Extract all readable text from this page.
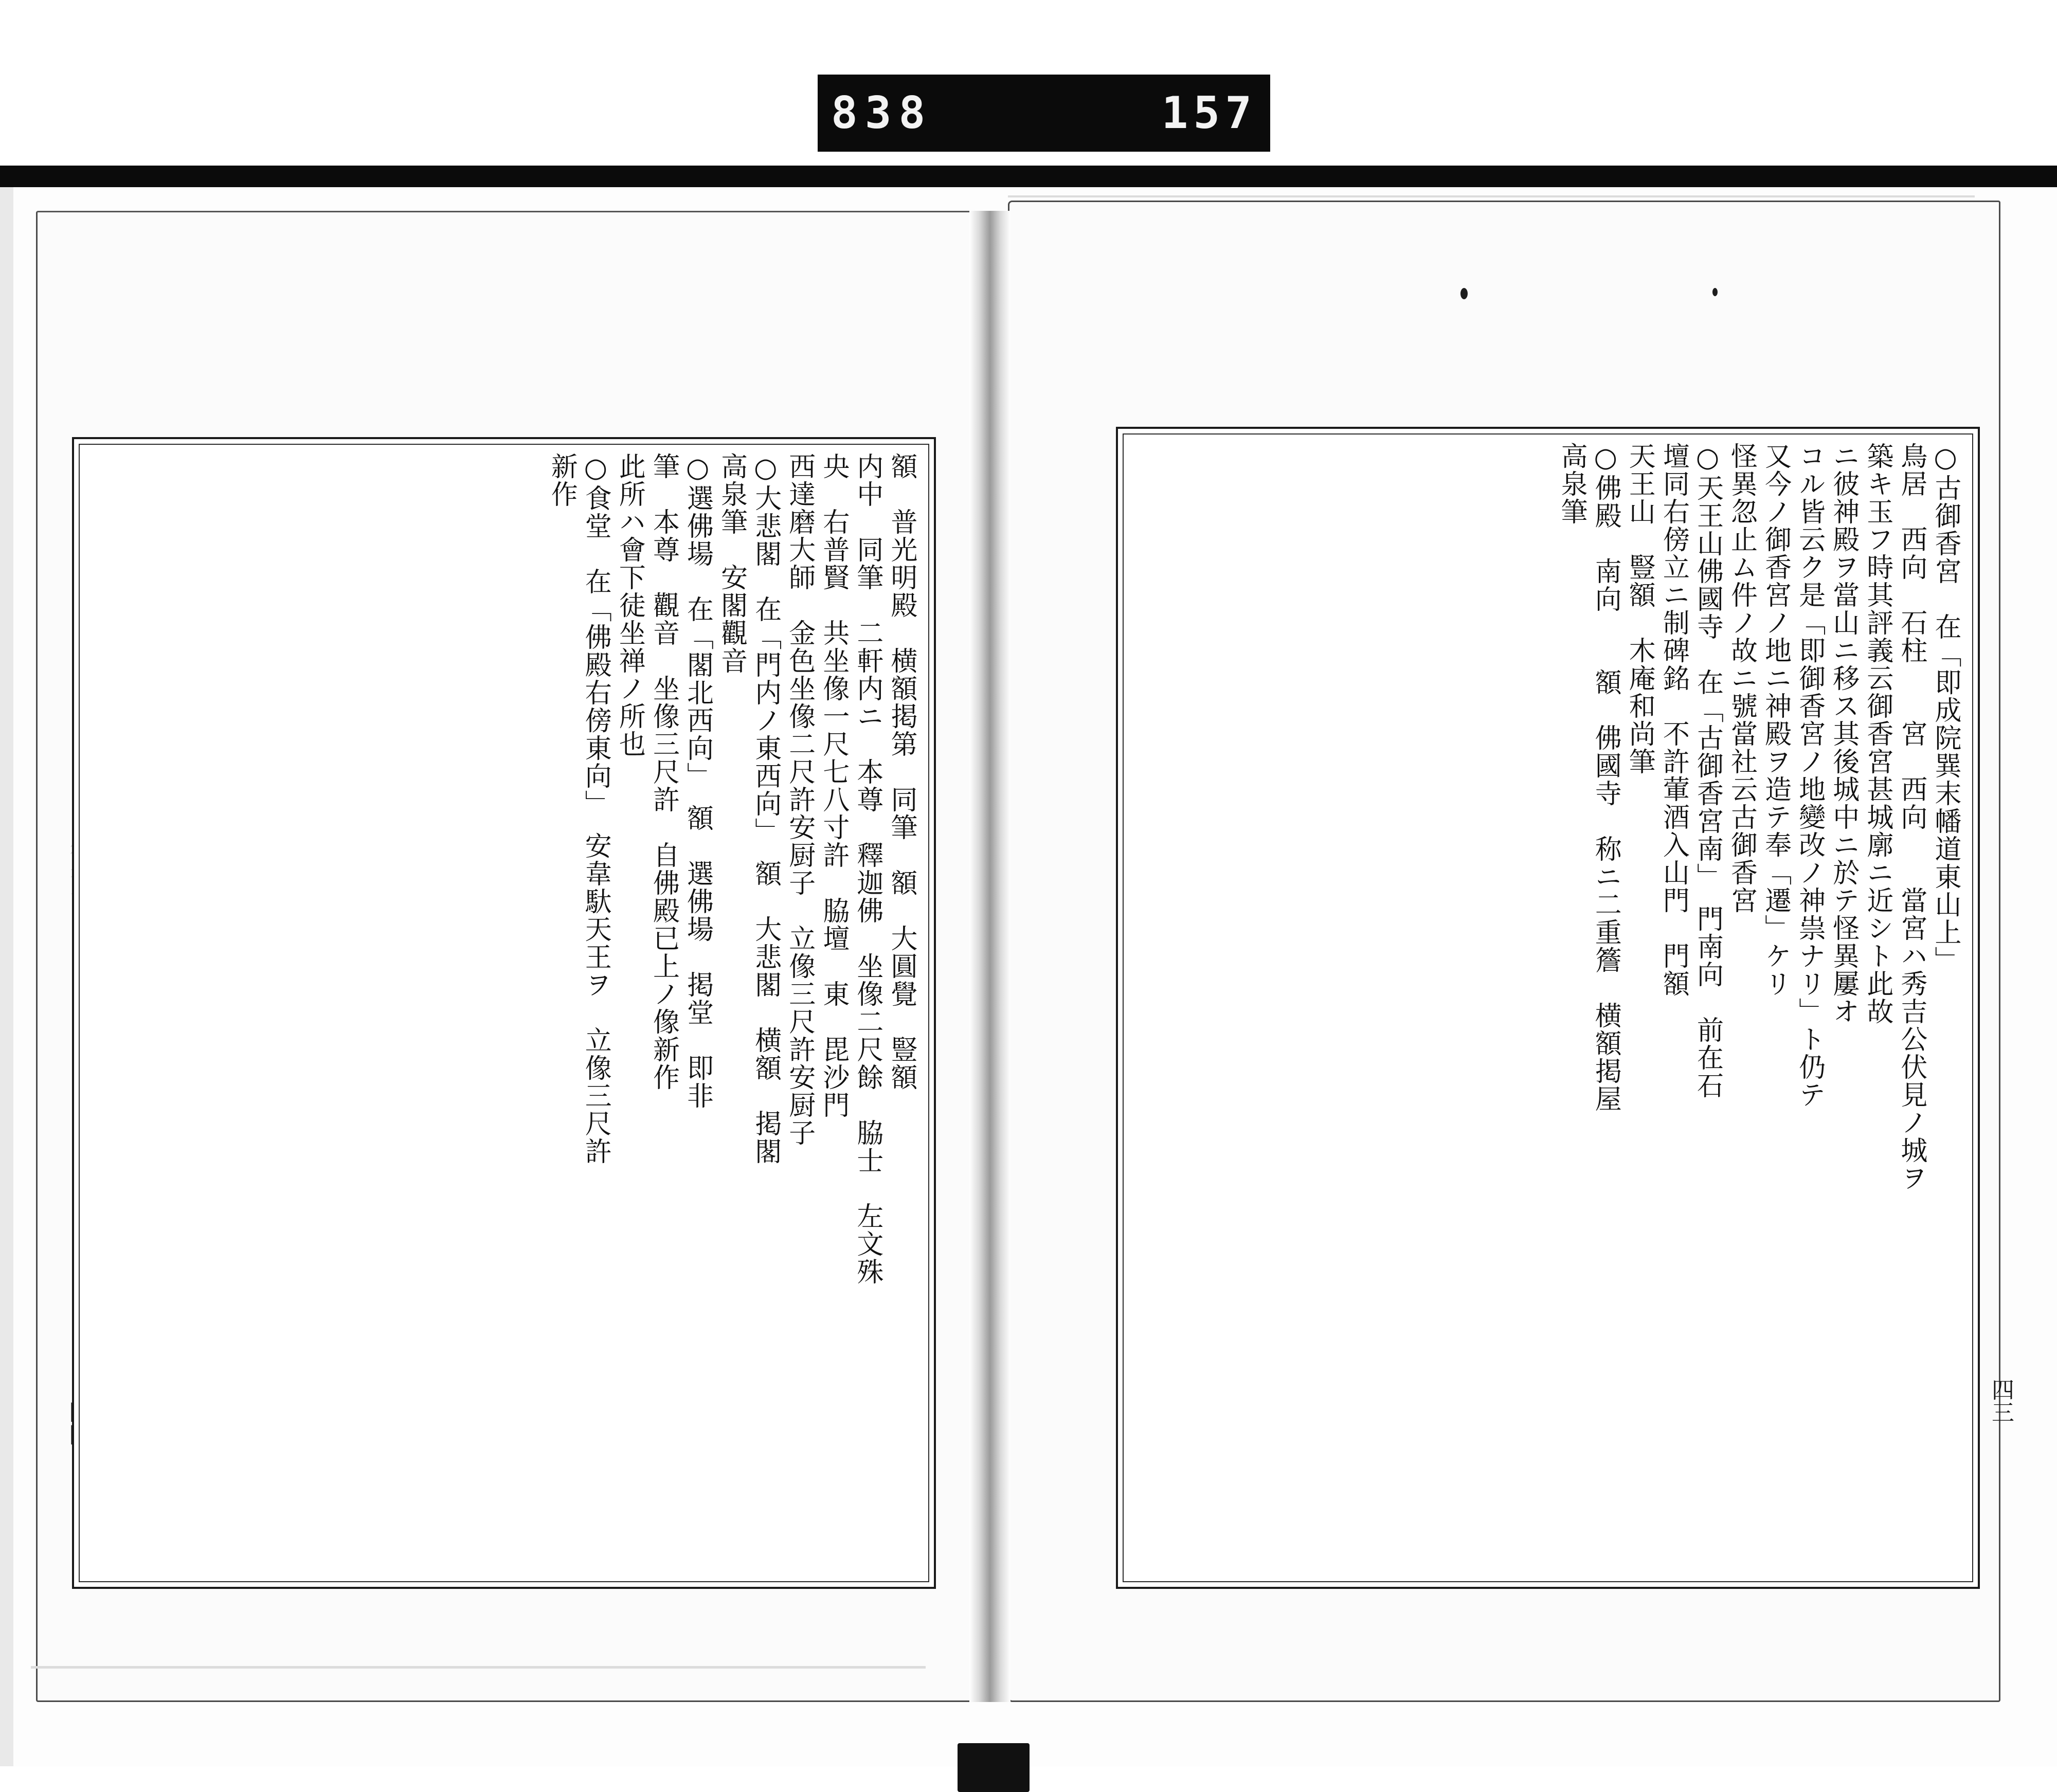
838	157
額　普光明殿　横額掲第　同筆　額　大圓覺　豎額
内中　同筆　二軒内ニ　本尊　釋迦佛　坐像二尺餘　脇士　左文殊
央　右普賢　共坐像一尺七八寸許　脇壇　東　毘沙門
西達磨大師　金色坐像二尺許安厨子　立像三尺許安厨子
○大悲閣　在「門内ノ東西向」　額　大悲閣　横額　掲閣
高泉筆　安閣觀音
○選佛場　在「閣北西向」　額　選佛場　掲堂　即非
筆　本尊　觀音　坐像三尺許　自佛殿已上ノ像新作
此所ハ會下徒坐禅ノ所也
○食堂　在「佛殿右傍東向」　安韋馱天王ヲ　立像三尺許
新作	○古御香宮　在「即成院巽末幡道東山上」
鳥居　西向　石柱　　宮　西向　　當宮ハ秀吉公伏見ノ城ヲ
築キ玉フ時其評義云御香宮甚城廓ニ近シト此故
ニ彼神殿ヲ當山ニ移ス其後城中ニ於テ怪異屢オ
コル皆云ク是「即御香宮ノ地變改ノ神祟ナリ」ト仍テ
又今ノ御香宮ノ地ニ神殿ヲ造テ奉「遷」ケリ
怪異忽止ム件ノ故ニ號當社云古御香宮
○天王山佛國寺　在「古御香宮南」　門南向　前在石
壇同右傍立ニ制碑銘　不許葷酒入山門　門額
天王山　豎額　木庵和尚筆
○佛殿　南向　　額　佛國寺　称ニ二重簷　横額掲屋
高泉筆
四三
